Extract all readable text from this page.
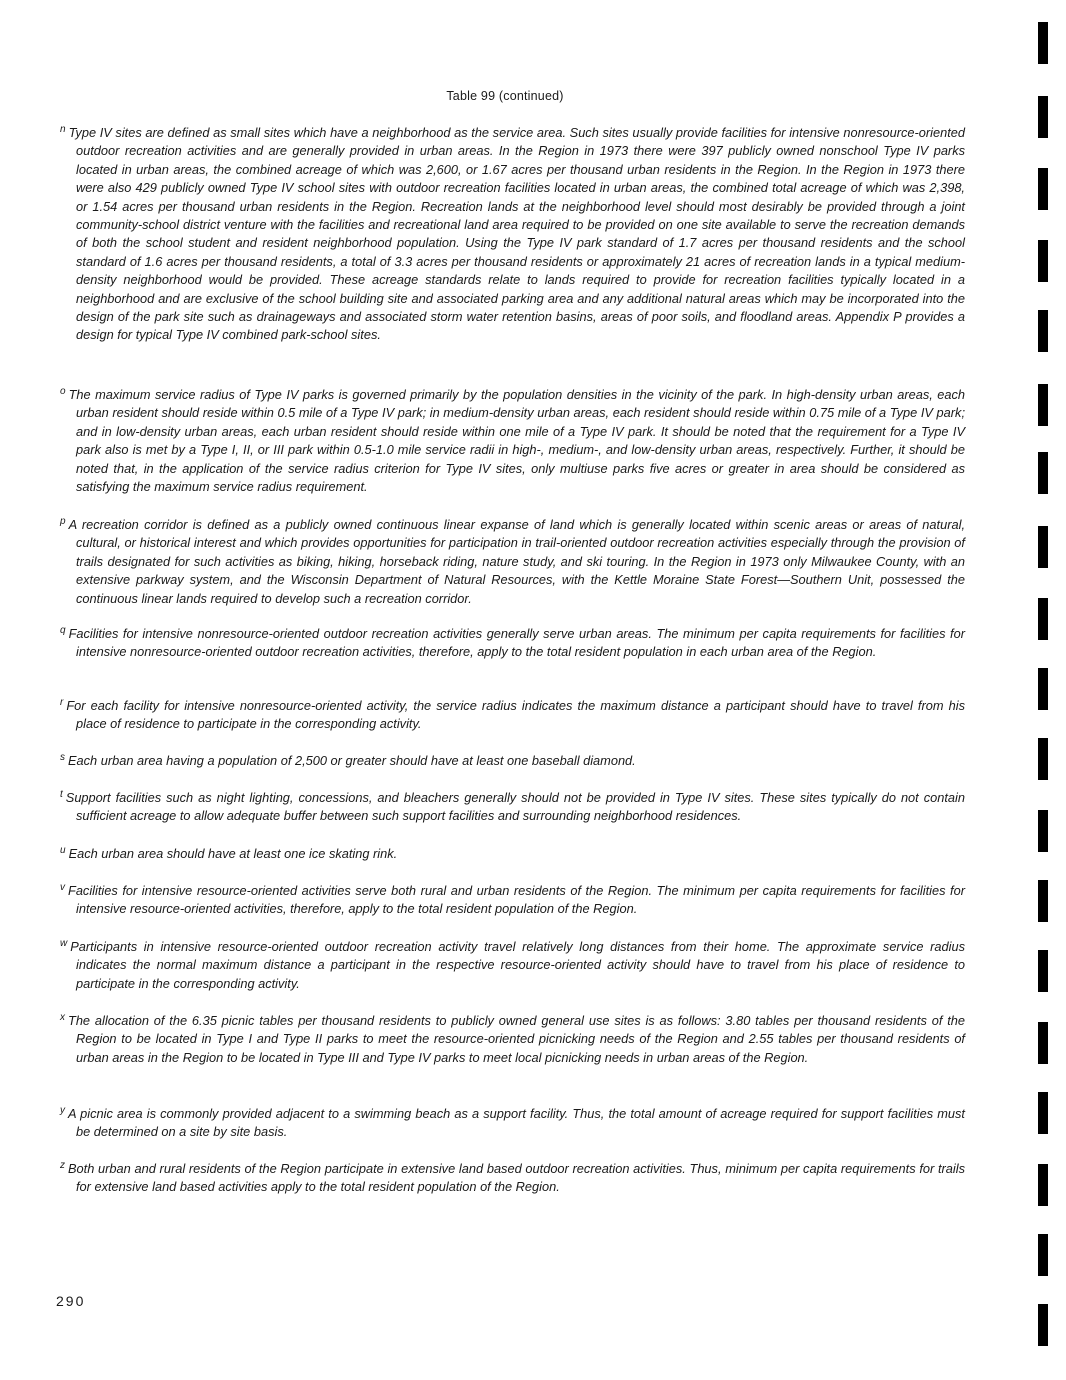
Table 99 (continued)
$^n$ Type IV sites are defined as small sites which have a neighborhood as the service area. Such sites usually provide facilities for intensive nonresource-oriented outdoor recreation activities and are generally provided in urban areas. In the Region in 1973 there were 397 publicly owned nonschool Type IV parks located in urban areas, the combined acreage of which was 2,600, or 1.67 acres per thousand urban residents in the Region. In the Region in 1973 there were also 429 publicly owned Type IV school sites with outdoor recreation facilities located in urban areas, the combined total acreage of which was 2,398, or 1.54 acres per thousand urban residents in the Region. Recreation lands at the neighborhood level should most desirably be provided through a joint community-school district venture with the facilities and recreational land area required to be provided on one site available to serve the recreation demands of both the school student and resident neighborhood population. Using the Type IV park standard of 1.7 acres per thousand residents and the school standard of 1.6 acres per thousand residents, a total of 3.3 acres per thousand residents or approximately 21 acres of recreation lands in a typical medium-density neighborhood would be provided. These acreage standards relate to lands required to provide for recreation facilities typically located in a neighborhood and are exclusive of the school building site and associated parking area and any additional natural areas which may be incorporated into the design of the park site such as drainageways and associated storm water retention basins, areas of poor soils, and floodland areas. Appendix P provides a design for typical Type IV combined park-school sites.
$^o$ The maximum service radius of Type IV parks is governed primarily by the population densities in the vicinity of the park. In high-density urban areas, each urban resident should reside within 0.5 mile of a Type IV park; in medium-density urban areas, each resident should reside within 0.75 mile of a Type IV park; and in low-density urban areas, each urban resident should reside within one mile of a Type IV park. It should be noted that the requirement for a Type IV park also is met by a Type I, II, or III park within 0.5-1.0 mile service radii in high-, medium-, and low-density urban areas, respectively. Further, it should be noted that, in the application of the service radius criterion for Type IV sites, only multiuse parks five acres or greater in area should be considered as satisfying the maximum service radius requirement.
$^p$ A recreation corridor is defined as a publicly owned continuous linear expanse of land which is generally located within scenic areas or areas of natural, cultural, or historical interest and which provides opportunities for participation in trail-oriented outdoor recreation activities especially through the provision of trails designated for such activities as biking, hiking, horseback riding, nature study, and ski touring. In the Region in 1973 only Milwaukee County, with an extensive parkway system, and the Wisconsin Department of Natural Resources, with the Kettle Moraine State Forest—Southern Unit, possessed the continuous linear lands required to develop such a recreation corridor.
$^q$ Facilities for intensive nonresource-oriented outdoor recreation activities generally serve urban areas. The minimum per capita requirements for facilities for intensive nonresource-oriented outdoor recreation activities, therefore, apply to the total resident population in each urban area of the Region.
$^r$ For each facility for intensive nonresource-oriented activity, the service radius indicates the maximum distance a participant should have to travel from his place of residence to participate in the corresponding activity.
$^s$ Each urban area having a population of 2,500 or greater should have at least one baseball diamond.
$^t$ Support facilities such as night lighting, concessions, and bleachers generally should not be provided in Type IV sites. These sites typically do not contain sufficient acreage to allow adequate buffer between such support facilities and surrounding neighborhood residences.
$^u$ Each urban area should have at least one ice skating rink.
$^v$ Facilities for intensive resource-oriented activities serve both rural and urban residents of the Region. The minimum per capita requirements for facilities for intensive resource-oriented activities, therefore, apply to the total resident population of the Region.
$^w$ Participants in intensive resource-oriented outdoor recreation activity travel relatively long distances from their home. The approximate service radius indicates the normal maximum distance a participant in the respective resource-oriented activity should have to travel from his place of residence to participate in the corresponding activity.
$^x$ The allocation of the 6.35 picnic tables per thousand residents to publicly owned general use sites is as follows: 3.80 tables per thousand residents of the Region to be located in Type I and Type II parks to meet the resource-oriented picnicking needs of the Region and 2.55 tables per thousand residents of urban areas in the Region to be located in Type III and Type IV parks to meet local picnicking needs in urban areas of the Region.
$^y$ A picnic area is commonly provided adjacent to a swimming beach as a support facility. Thus, the total amount of acreage required for support facilities must be determined on a site by site basis.
$^z$ Both urban and rural residents of the Region participate in extensive land based outdoor recreation activities. Thus, minimum per capita requirements for trails for extensive land based activities apply to the total resident population of the Region.
290
